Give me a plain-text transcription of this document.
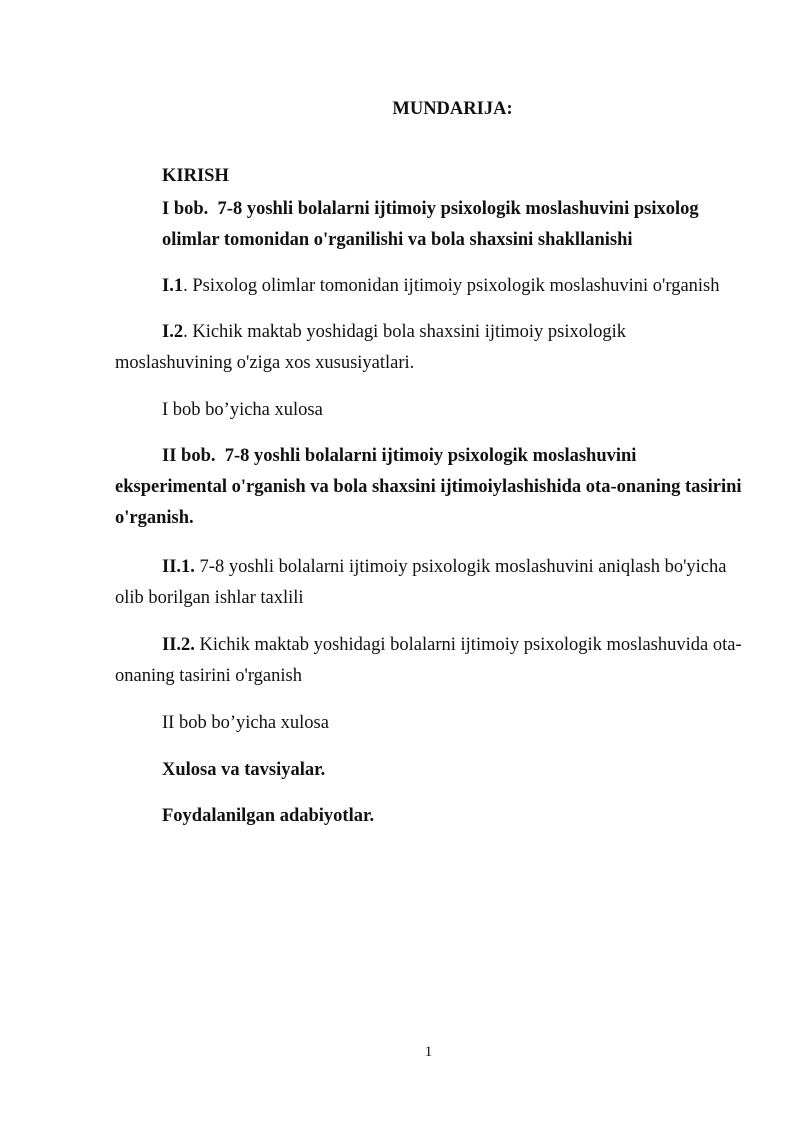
MUNDARIJA:
KIRISH
I bob. 7-8 yoshli bolalarni ijtimoiy psixologik moslashuvini psixolog olimlar tomonidan o'rganilishi va bola shaxsini shakllanishi
I.1. Psixolog olimlar tomonidan ijtimoiy psixologik moslashuvini o'rganish
I.2. Kichik maktab yoshidagi bola shaxsini ijtimoiy psixologik moslashuvining o'ziga xos xususiyatlari.
I bob bo’yicha xulosa
II bob. 7-8 yoshli bolalarni ijtimoiy psixologik moslashuvini eksperimental o'rganish va bola shaxsini ijtimoiylashishida ota-onaning tasirini o'rganish.
II.1. 7-8 yoshli bolalarni ijtimoiy psixologik moslashuvini aniqlash bo'yicha olib borilgan ishlar taxlili
II.2. Kichik maktab yoshidagi bolalarni ijtimoiy psixologik moslashuvida ota-onaning tasirini o'rganish
II bob bo’yicha xulosa
Xulosa va tavsiyalar.
Foydalanilgan adabiyotlar.
1
